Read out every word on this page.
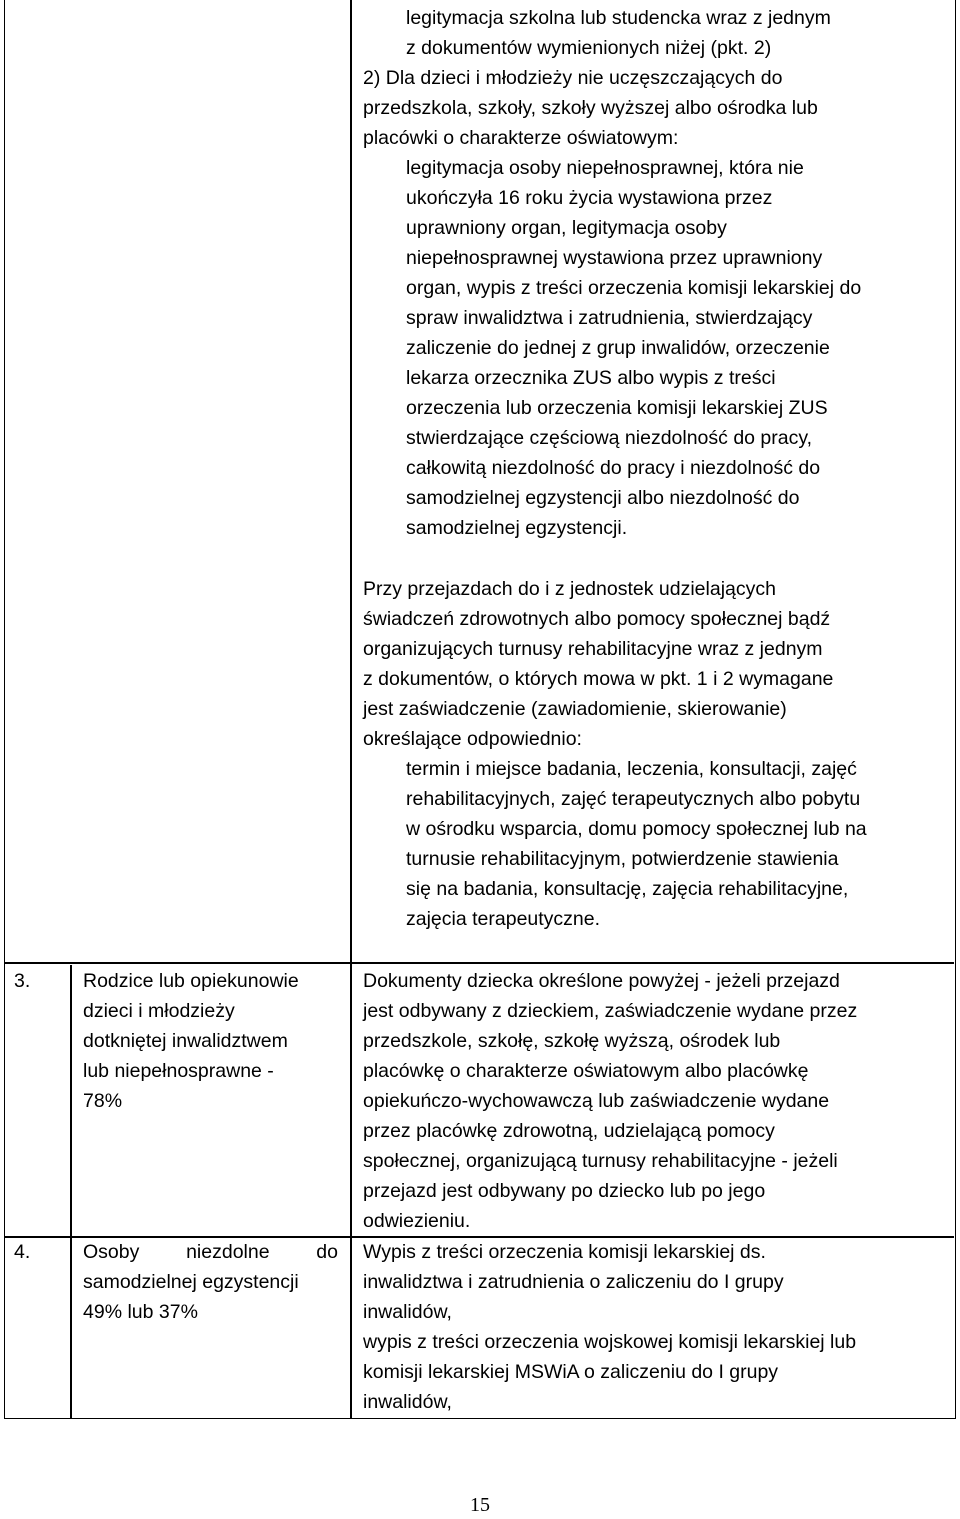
legitymacja szkolna lub studencka wraz z jednym
z dokumentów wymienionych niżej (pkt. 2)
2) Dla dzieci i młodzieży nie uczęszczających do
przedszkola, szkoły, szkoły wyższej albo ośrodka lub
placówki o charakterze oświatowym:
legitymacja osoby niepełnosprawnej, która nie
ukończyła 16 roku życia wystawiona przez
uprawniony organ, legitymacja osoby
niepełnosprawnej wystawiona przez uprawniony
organ, wypis z treści orzeczenia komisji lekarskiej do
spraw inwalidztwa i zatrudnienia, stwierdzający
zaliczenie do jednej z grup inwalidów, orzeczenie
lekarza orzecznika ZUS albo wypis z treści
orzeczenia lub orzeczenia komisji lekarskiej ZUS
stwierdzające częściową niezdolność do pracy,
całkowitą niezdolność do pracy i niezdolność do
samodzielnej egzystencji albo niezdolność do
samodzielnej egzystencji.
Przy przejazdach do i z jednostek udzielających
świadczeń zdrowotnych albo pomocy społecznej bądź
organizujących turnusy rehabilitacyjne wraz z jednym
z dokumentów, o których mowa w pkt. 1 i 2 wymagane
jest zaświadczenie (zawiadomienie, skierowanie)
określające odpowiednio:
termin i miejsce badania, leczenia, konsultacji, zajęć
rehabilitacyjnych, zajęć terapeutycznych albo pobytu
w ośrodku wsparcia, domu pomocy społecznej lub na
turnusie rehabilitacyjnym, potwierdzenie stawienia
się na badania, konsultację, zajęcia rehabilitacyjne,
zajęcia terapeutyczne.
3.	Rodzice lub opiekunowie
dzieci i młodzieży
dotkniętej inwalidztwem
lub niepełnosprawne -
78%
Dokumenty dziecka określone powyżej - jeżeli przejazd
jest odbywany z dzieckiem, zaświadczenie wydane przez
przedszkole, szkołę, szkołę wyższą, ośrodek lub
placówkę o charakterze oświatowym albo placówkę
opiekuńczo-wychowawczą lub zaświadczenie wydane
przez placówkę zdrowotną, udzielającą pomocy
społecznej, organizującą turnusy rehabilitacyjne - jeżeli
przejazd jest odbywany po dziecko lub po jego
odwiezieniu.
4.	Osoby niezdolne do
samodzielnej egzystencji
49% lub 37%
Wypis z treści orzeczenia komisji lekarskiej ds.
inwalidztwa i zatrudnienia o zaliczeniu do I grupy
inwalidów,
wypis z treści orzeczenia wojskowej komisji lekarskiej lub
komisji lekarskiej MSWiA o zaliczeniu do I grupy
inwalidów,
15
